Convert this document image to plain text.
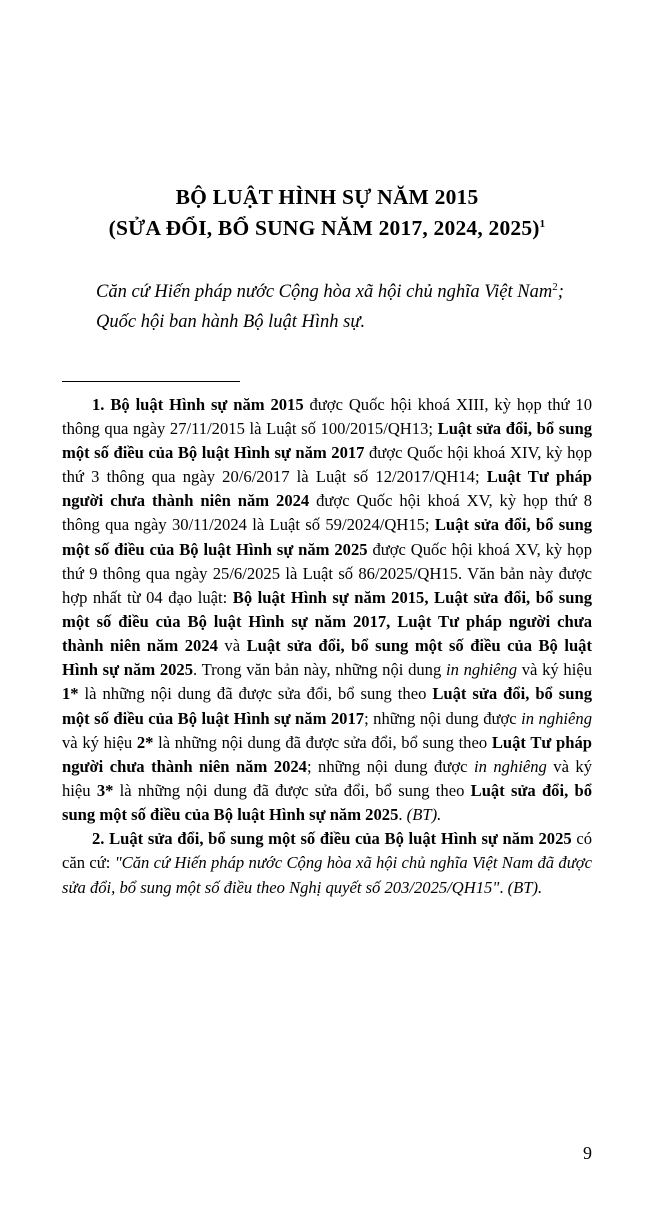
BỘ LUẬT HÌNH SỰ NĂM 2015
(SỬA ĐỔI, BỔ SUNG NĂM 2017, 2024, 2025)$^1$

Căn cứ Hiến pháp nước Cộng hòa xã hội chủ nghĩa Việt Nam$^2$;

Quốc hội ban hành Bộ luật Hình sự.

1. Bộ luật Hình sự năm 2015 được Quốc hội khoá XIII, kỳ họp thứ 10 thông qua ngày 27/11/2015 là Luật số 100/2015/QH13; Luật sửa đổi, bổ sung một số điều của Bộ luật Hình sự năm 2017 được Quốc hội khoá XIV, kỳ họp thứ 3 thông qua ngày 20/6/2017 là Luật số 12/2017/QH14; Luật Tư pháp người chưa thành niên năm 2024 được Quốc hội khoá XV, kỳ họp thứ 8 thông qua ngày 30/11/2024 là Luật số 59/2024/QH15; Luật sửa đổi, bổ sung một số điều của Bộ luật Hình sự năm 2025 được Quốc hội khoá XV, kỳ họp thứ 9 thông qua ngày 25/6/2025 là Luật số 86/2025/QH15. Văn bản này được hợp nhất từ 04 đạo luật: Bộ luật Hình sự năm 2015, Luật sửa đổi, bổ sung một số điều của Bộ luật Hình sự năm 2017, Luật Tư pháp người chưa thành niên năm 2024 và Luật sửa đổi, bổ sung một số điều của Bộ luật Hình sự năm 2025. Trong văn bản này, những nội dung in nghiêng và ký hiệu 1* là những nội dung đã được sửa đổi, bổ sung theo Luật sửa đổi, bổ sung một số điều của Bộ luật Hình sự năm 2017; những nội dung được in nghiêng và ký hiệu 2* là những nội dung đã được sửa đổi, bổ sung theo Luật Tư pháp người chưa thành niên năm 2024; những nội dung được in nghiêng và ký hiệu 3* là những nội dung đã được sửa đổi, bổ sung theo Luật sửa đổi, bổ sung một số điều của Bộ luật Hình sự năm 2025. (BT).

2. Luật sửa đổi, bổ sung một số điều của Bộ luật Hình sự năm 2025 có căn cứ: "Căn cứ Hiến pháp nước Cộng hòa xã hội chủ nghĩa Việt Nam đã được sửa đổi, bổ sung một số điều theo Nghị quyết số 203/2025/QH15". (BT).

9
